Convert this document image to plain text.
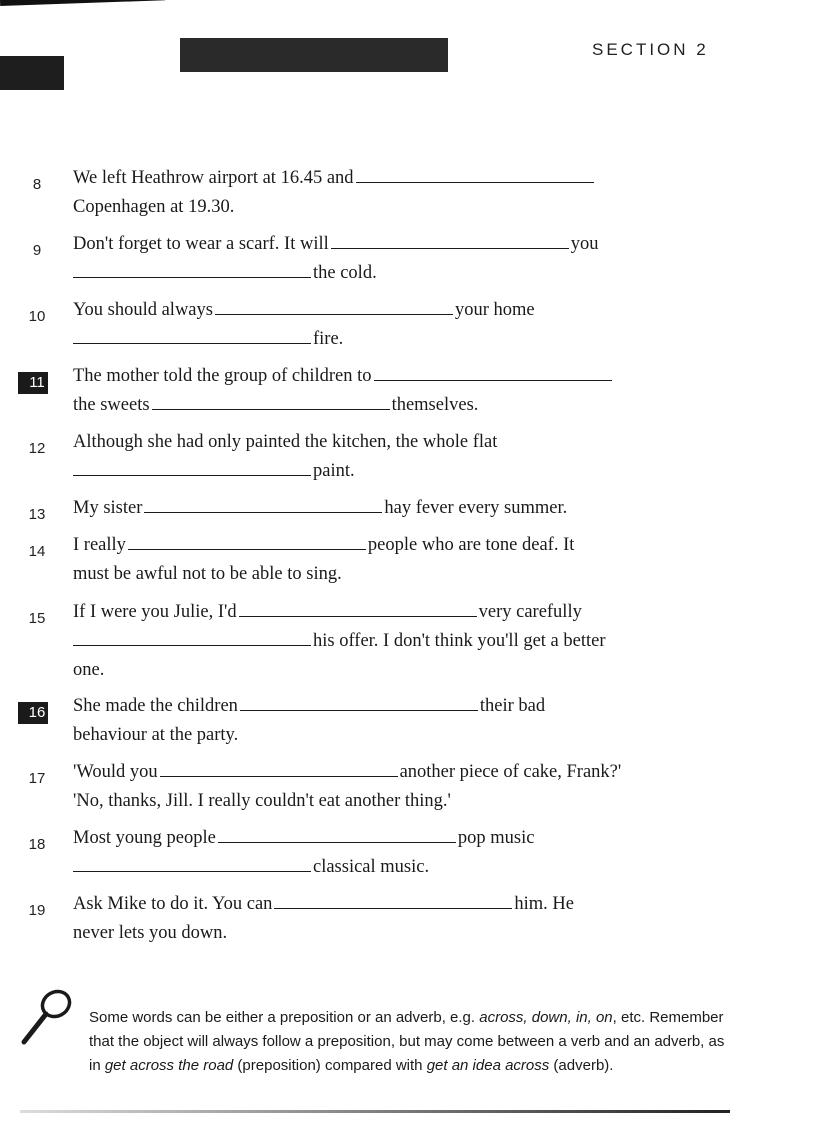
SECTION 2
8	We left Heathrow airport at 16.45 and
Copenhagen at 19.30.
9	Don't forget to wear a scarf. It will	you
the cold.
10	You should always	your home
fire.
11	The mother told the group of children to
the sweets	themselves.
12	Although she had only painted the kitchen, the whole flat
paint.
13	My sister	hay fever every summer.
14	I really	people who are tone deaf. It
must be awful not to be able to sing.
15	If I were you Julie, I'd	very carefully
his offer. I don't think you'll get a better
one.
16	She made the children	their bad
behaviour at the party.
17	'Would you	another piece of cake, Frank?'
'No, thanks, Jill. I really couldn't eat another thing.'
18	Most young people	pop music
classical music.
19	Ask Mike to do it. You can	him. He
never lets you down.
Some words can be either a preposition or an adverb, e.g. across, down, in, on, etc. Remember that the object will always follow a preposition, but may come between a verb and an adverb, as in get across the road (preposition) compared with get an idea across (adverb).
